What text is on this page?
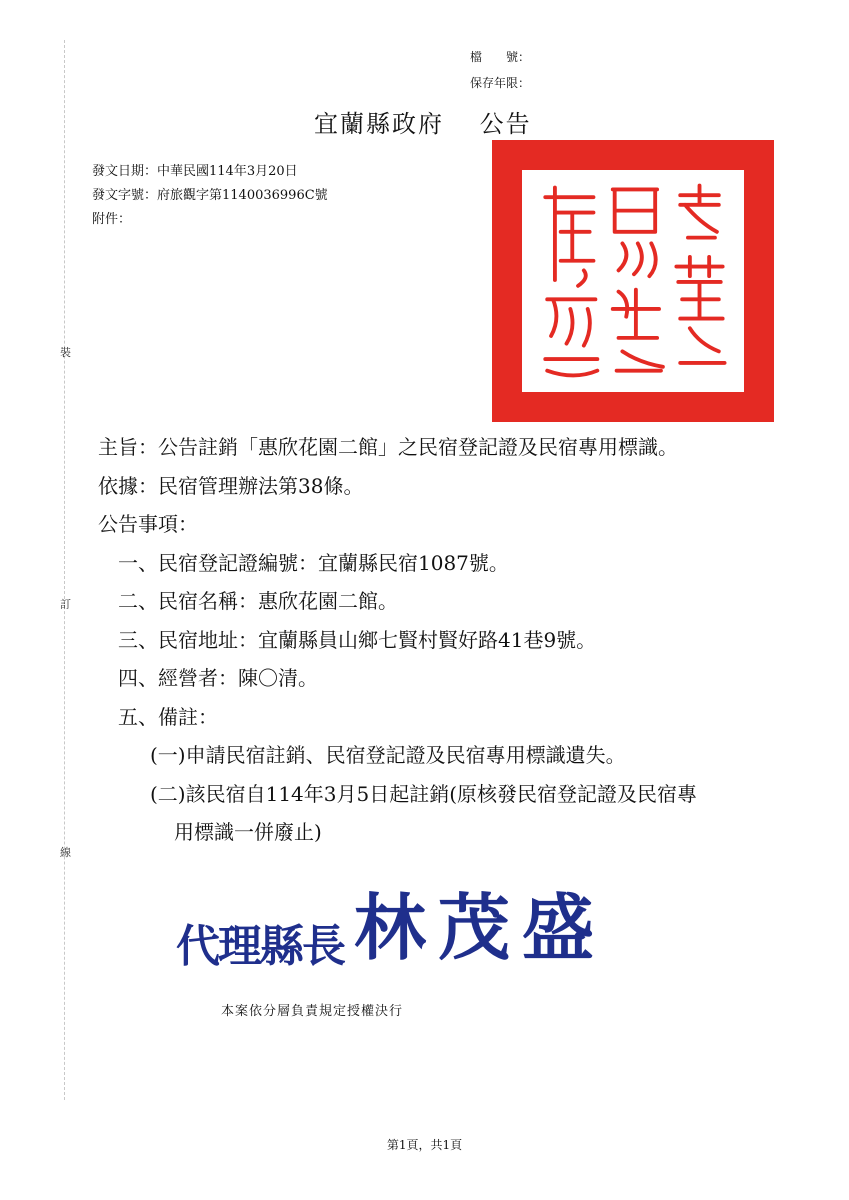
裝
訂
線
檔　　號：
保存年限：
宜蘭縣政府　 公告
發文日期：中華民國114年3月20日
發文字號：府旅觀字第1140036996C號
附件：
主旨：公告註銷「惠欣花園二館」之民宿登記證及民宿專用標識。
依據：民宿管理辦法第38條。
公告事項：
一、民宿登記證編號：宜蘭縣民宿1087號。
二、民宿名稱：惠欣花園二館。
三、民宿地址：宜蘭縣員山鄉七賢村賢好路41巷9號。
四、經營者：陳〇清。
五、備註：
(一)申請民宿註銷、民宿登記證及民宿專用標識遺失。
(二)該民宿自114年3月5日起註銷(原核發民宿登記證及民宿專
用標識一併廢止)
代理縣長 林茂盛
本案依分層負責規定授權決行
第1頁，共1頁
